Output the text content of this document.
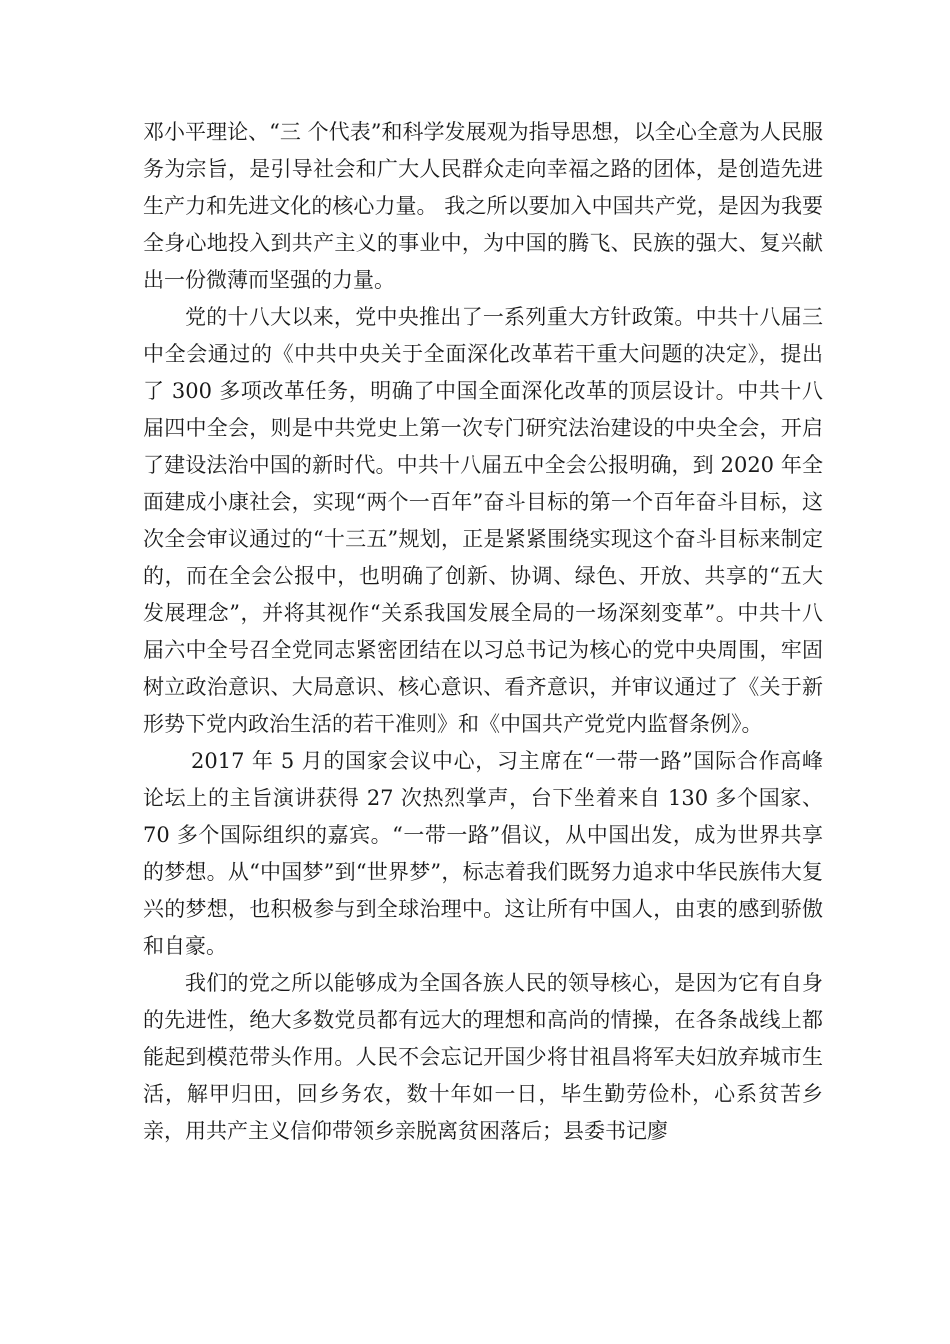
邓小平理论、“三 个代表”和科学发展观为指导思想，以全心全意为人民服务为宗旨，是引导社会和广大人民群众走向幸福之路的团体，是创造先进生产力和先进文化的核心力量。 我之所以要加入中国共产党，是因为我要全身心地投入到共产主义的事业中，为中国的腾飞、民族的强大、复兴献出一份微薄而坚强的力量。

党的十八大以来，党中央推出了一系列重大方针政策。中共十八届三中全会通过的《中共中央关于全面深化改革若干重大问题的决定》，提出了 300 多项改革任务，明确了中国全面深化改革的顶层设计。中共十八届四中全会，则是中共党史上第一次专门研究法治建设的中央全会，开启了建设法治中国的新时代。中共十八届五中全会公报明确，到 2020 年全面建成小康社会，实现“两个一百年”奋斗目标的第一个百年奋斗目标，这次全会审议通过的“十三五”规划，正是紧紧围绕实现这个奋斗目标来制定的，而在全会公报中，也明确了创新、协调、绿色、开放、共享的“五大发展理念”，并将其视作“关系我国发展全局的一场深刻变革”。中共十八届六中全号召全党同志紧密团结在以习总书记为核心的党中央周围，牢固树立政治意识、大局意识、核心意识、看齐意识，并审议通过了《关于新形势下党内政治生活的若干准则》和《中国共产党党内监督条例》。

2017 年 5 月的国家会议中心，习主席在“一带一路”国际合作高峰论坛上的主旨演讲获得 27 次热烈掌声，台下坐着来自 130 多个国家、70 多个国际组织的嘉宾。“一带一路”倡议，从中国出发，成为世界共享的梦想。从“中国梦”到“世界梦”，标志着我们既努力追求中华民族伟大复兴的梦想，也积极参与到全球治理中。这让所有中国人，由衷的感到骄傲和自豪。

我们的党之所以能够成为全国各族人民的领导核心，是因为它有自身的先进性，绝大多数党员都有远大的理想和高尚的情操，在各条战线上都能起到模范带头作用。人民不会忘记开国少将甘祖昌将军夫妇放弃城市生活，解甲归田，回乡务农，数十年如一日，毕生勤劳俭朴，心系贫苦乡亲，用共产主义信仰带领乡亲脱离贫困落后；县委书记廖
